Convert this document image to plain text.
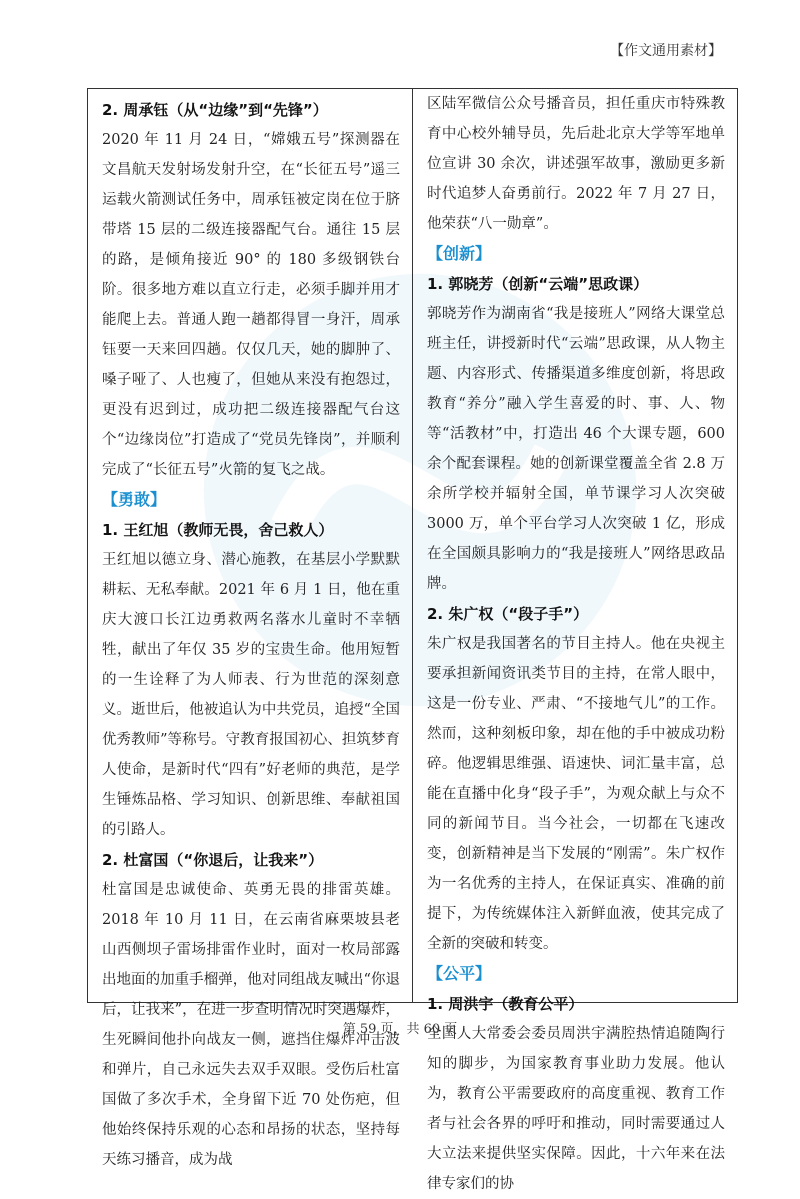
【作文通用素材】

2. 周承钰（从“边缘”到“先锋”）

2020 年 11 月 24 日，“嫦娥五号”探测器在文昌航天发射场发射升空，在“长征五号”遥三运载火箭测试任务中，周承钰被定岗在位于脐带塔 15 层的二级连接器配气台。通往 15 层的路，是倾角接近 90° 的 180 多级钢铁台阶。很多地方难以直立行走，必须手脚并用才能爬上去。普通人跑一趟都得冒一身汗，周承钰要一天来回四趟。仅仅几天，她的脚肿了、嗓子哑了、人也瘦了，但她从来没有抱怨过，更没有迟到过，成功把二级连接器配气台这个“边缘岗位”打造成了“党员先锋岗”，并顺利完成了“长征五号”火箭的复飞之战。

【勇敢】

1. 王红旭（教师无畏，舍己救人）

王红旭以德立身、潜心施教，在基层小学默默耕耘、无私奉献。2021 年 6 月 1 日，他在重庆大渡口长江边勇救两名落水儿童时不幸牺牲，献出了年仅 35 岁的宝贵生命。他用短暂的一生诠释了为人师表、行为世范的深刻意义。逝世后，他被追认为中共党员，追授“全国优秀教师”等称号。守教育报国初心、担筑梦育人使命，是新时代“四有”好老师的典范，是学生锤炼品格、学习知识、创新思维、奉献祖国的引路人。

2. 杜富国（“你退后，让我来”）

杜富国是忠诚使命、英勇无畏的排雷英雄。2018 年 10 月 11 日，在云南省麻栗坡县老山西侧坝子雷场排雷作业时，面对一枚局部露出地面的加重手榴弹，他对同组战友喊出“你退后，让我来”，在进一步查明情况时突遇爆炸，生死瞬间他扑向战友一侧，遮挡住爆炸冲击波和弹片，自己永远失去双手双眼。受伤后杜富国做了多次手术，全身留下近 70 处伤疤，但他始终保持乐观的心态和昂扬的状态，坚持每天练习播音，成为战

区陆军微信公众号播音员，担任重庆市特殊教育中心校外辅导员，先后赴北京大学等军地单位宣讲 30 余次，讲述强军故事，激励更多新时代追梦人奋勇前行。2022 年 7 月 27 日，他荣获“八一勋章”。

【创新】

1. 郭晓芳（创新“云端”思政课）

郭晓芳作为湖南省“我是接班人”网络大课堂总班主任，讲授新时代“云端”思政课，从人物主题、内容形式、传播渠道多维度创新，将思政教育“养分”融入学生喜爱的时、事、人、物等“活教材”中，打造出 46 个大课专题，600 余个配套课程。她的创新课堂覆盖全省 2.8 万余所学校并辐射全国，单节课学习人次突破 3000 万，单个平台学习人次突破 1 亿，形成在全国颇具影响力的“我是接班人”网络思政品牌。

2. 朱广权（“段子手”）

朱广权是我国著名的节目主持人。他在央视主要承担新闻资讯类节目的主持，在常人眼中，这是一份专业、严肃、“不接地气儿”的工作。然而，这种刻板印象，却在他的手中被成功粉碎。他逻辑思维强、语速快、词汇量丰富，总能在直播中化身“段子手”，为观众献上与众不同的新闻节目。当今社会，一切都在飞速改变，创新精神是当下发展的“刚需”。朱广权作为一名优秀的主持人，在保证真实、准确的前提下，为传统媒体注入新鲜血液，使其完成了全新的突破和转变。

【公平】

1. 周洪宇（教育公平）

全国人大常委会委员周洪宇满腔热情追随陶行知的脚步，为国家教育事业助力发展。他认为，教育公平需要政府的高度重视、教育工作者与社会各界的呼吁和推动，同时需要通过人大立法来提供坚实保障。因此，十六年来在法律专家们的协

第 59 页，共 60 页
